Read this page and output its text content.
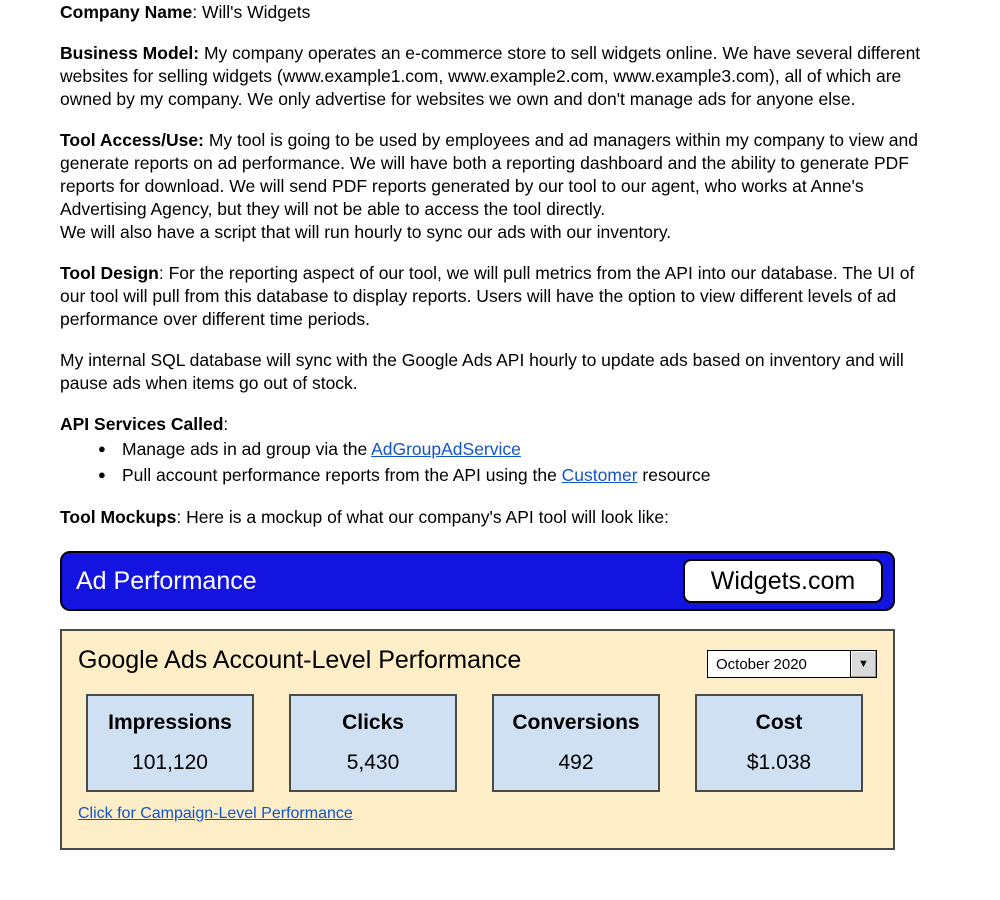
Company Name: Will's Widgets

Business Model: My company operates an e-commerce store to sell widgets online. We have several different websites for selling widgets (www.example1.com, www.example2.com, www.example3.com), all of which are owned by my company. We only advertise for websites we own and don't manage ads for anyone else.

Tool Access/Use: My tool is going to be used by employees and ad managers within my company to view and generate reports on ad performance. We will have both a reporting dashboard and the ability to generate PDF reports for download. We will send PDF reports generated by our tool to our agent, who works at Anne's Advertising Agency, but they will not be able to access the tool directly.

We will also have a script that will run hourly to sync our ads with our inventory.

Tool Design: For the reporting aspect of our tool, we will pull metrics from the API into our database. The UI of our tool will pull from this database to display reports. Users will have the option to view different levels of ad performance over different time periods.

My internal SQL database will sync with the Google Ads API hourly to update ads based on inventory and will pause ads when items go out of stock.

API Services Called:

● Manage ads in ad group via the AdGroupAdService
● Pull account performance reports from the API using the Customer resource

Tool Mockups: Here is a mockup of what our company's API tool will look like:

Ad Performance	Widgets.com
Google Ads Account-Level Performance	October 2020	▼
Impressions
101,120
Clicks
5,430
Conversions
492
Cost
$1.038
Click for Campaign-Level Performance
